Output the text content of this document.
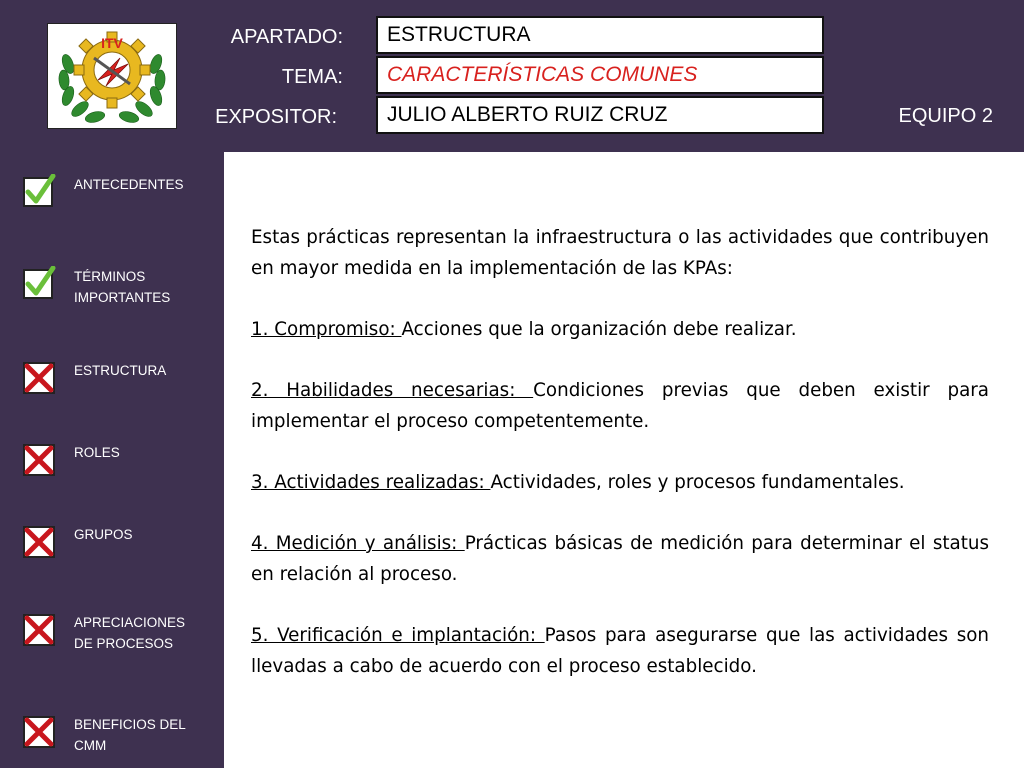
ITV	APARTADO:
TEMA:
EXPOSITOR:
ESTRUCTURA
CARACTERÍSTICAS COMUNES
JULIO ALBERTO RUIZ CRUZ	EQUIPO 2
ANTECEDENTES
TÉRMINOS IMPORTANTES
ESTRUCTURA
ROLES
GRUPOS
APRECIACIONES DE PROCESOS
BENEFICIOS DEL CMM

Estas prácticas representan la infraestructura o las actividades que contribuyen en mayor medida en la implementación de las KPAs:

1. Compromiso: Acciones que la organización debe realizar.

2. Habilidades necesarias: Condiciones previas que deben existir para implementar el proceso competentemente.

3. Actividades realizadas: Actividades, roles y procesos fundamentales.

4. Medición y análisis: Prácticas básicas de medición para determinar el status en relación al proceso.

5. Verificación e implantación: Pasos para asegurarse que las actividades son llevadas a cabo de acuerdo con el proceso establecido.
